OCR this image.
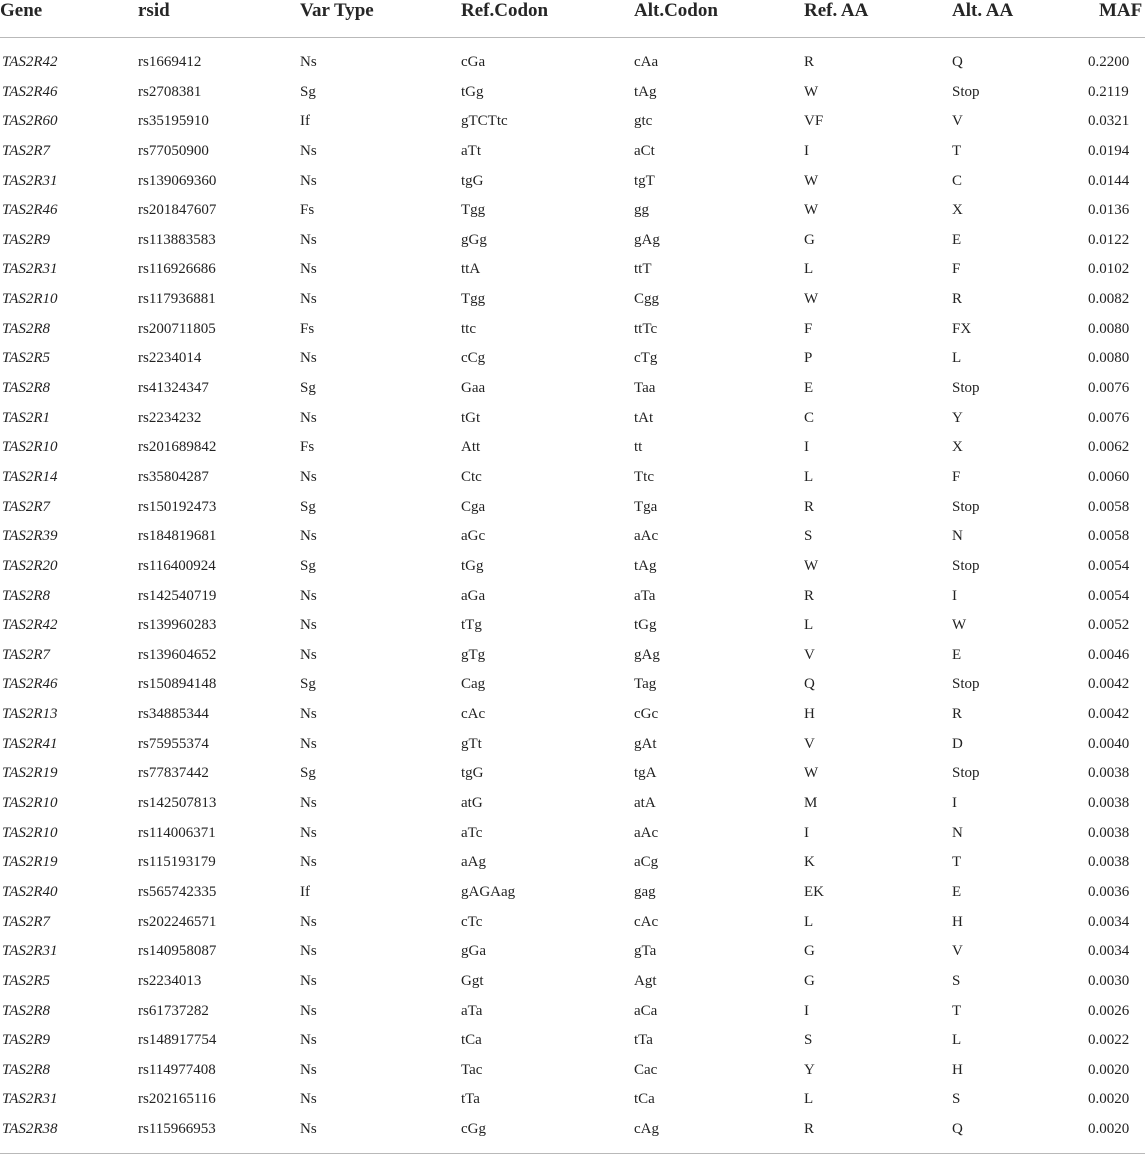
Gene	rsid	Var Type	Ref.Codon	Alt.Codon	Ref. AA	Alt. AA	MAF
TAS2R42	rs1669412	Ns	cGa	cAa	R	Q	0.2200
TAS2R46	rs2708381	Sg	tGg	tAg	W	Stop	0.2119
TAS2R60	rs35195910	If	gTCTtc	gtc	VF	V	0.0321
TAS2R7	rs77050900	Ns	aTt	aCt	I	T	0.0194
TAS2R31	rs139069360	Ns	tgG	tgT	W	C	0.0144
TAS2R46	rs201847607	Fs	Tgg	gg	W	X	0.0136
TAS2R9	rs113883583	Ns	gGg	gAg	G	E	0.0122
TAS2R31	rs116926686	Ns	ttA	ttT	L	F	0.0102
TAS2R10	rs117936881	Ns	Tgg	Cgg	W	R	0.0082
TAS2R8	rs200711805	Fs	ttc	ttTc	F	FX	0.0080
TAS2R5	rs2234014	Ns	cCg	cTg	P	L	0.0080
TAS2R8	rs41324347	Sg	Gaa	Taa	E	Stop	0.0076
TAS2R1	rs2234232	Ns	tGt	tAt	C	Y	0.0076
TAS2R10	rs201689842	Fs	Att	tt	I	X	0.0062
TAS2R14	rs35804287	Ns	Ctc	Ttc	L	F	0.0060
TAS2R7	rs150192473	Sg	Cga	Tga	R	Stop	0.0058
TAS2R39	rs184819681	Ns	aGc	aAc	S	N	0.0058
TAS2R20	rs116400924	Sg	tGg	tAg	W	Stop	0.0054
TAS2R8	rs142540719	Ns	aGa	aTa	R	I	0.0054
TAS2R42	rs139960283	Ns	tTg	tGg	L	W	0.0052
TAS2R7	rs139604652	Ns	gTg	gAg	V	E	0.0046
TAS2R46	rs150894148	Sg	Cag	Tag	Q	Stop	0.0042
TAS2R13	rs34885344	Ns	cAc	cGc	H	R	0.0042
TAS2R41	rs75955374	Ns	gTt	gAt	V	D	0.0040
TAS2R19	rs77837442	Sg	tgG	tgA	W	Stop	0.0038
TAS2R10	rs142507813	Ns	atG	atA	M	I	0.0038
TAS2R10	rs114006371	Ns	aTc	aAc	I	N	0.0038
TAS2R19	rs115193179	Ns	aAg	aCg	K	T	0.0038
TAS2R40	rs565742335	If	gAGAag	gag	EK	E	0.0036
TAS2R7	rs202246571	Ns	cTc	cAc	L	H	0.0034
TAS2R31	rs140958087	Ns	gGa	gTa	G	V	0.0034
TAS2R5	rs2234013	Ns	Ggt	Agt	G	S	0.0030
TAS2R8	rs61737282	Ns	aTa	aCa	I	T	0.0026
TAS2R9	rs148917754	Ns	tCa	tTa	S	L	0.0022
TAS2R8	rs114977408	Ns	Tac	Cac	Y	H	0.0020
TAS2R31	rs202165116	Ns	tTa	tCa	L	S	0.0020
TAS2R38	rs115966953	Ns	cGg	cAg	R	Q	0.0020
